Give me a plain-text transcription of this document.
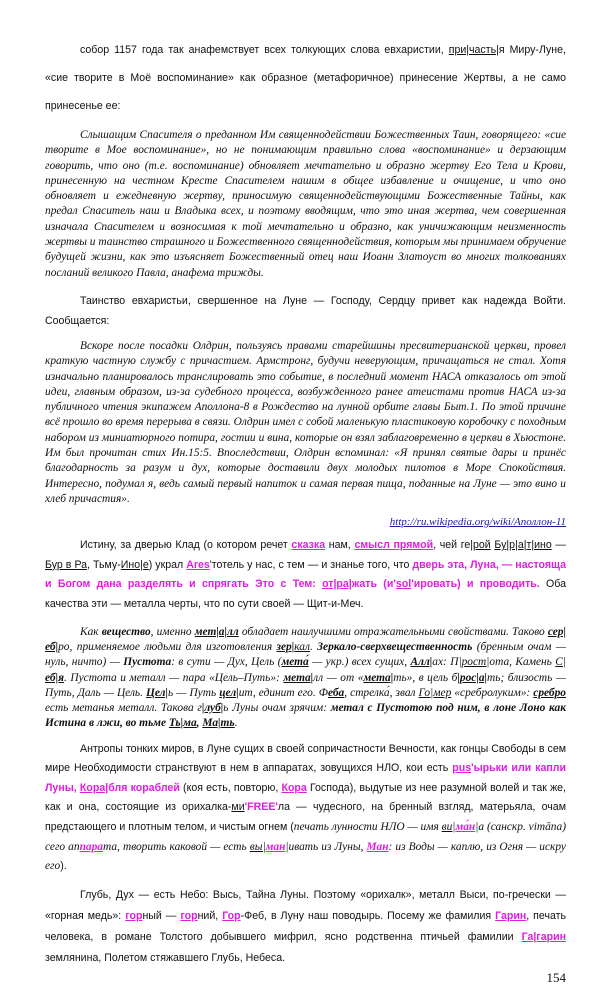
собор 1157 года так анафемствует всех толкующих слова евхаристии, при|часть|я Миру-Луне, «сие творите в Моё воспоминание» как образное (метафоричное) принесение Жертвы, а не само принесенье ее:

Слышащим Спасителя о преданном Им священнодействии Божественных Таин, говорящего: «сие творите в Мое воспоминание», но не понимающим правильно слова «воспоминание» и дерзающим говорить, что оно (т.е. воспоминание) обновляет мечтательно и образно жертву Его Тела и Крови, принесенную на честном Кресте Спасителем нашим в общее избавление и очищение, и что оно обновляет и ежедневную жертву, приносимую священнодействующими Божественные Тайны, как предал Спаситель наш и Владыка всех, и поэтому вводящим, что это иная жертва, чем совершенная изначала Спасителем и возносимая к той мечтательно и образно, как уничижающим неизменность жертвы и таинство страшного и Божественного священнодействия, которым мы принимаем обручение будущей жизни, как это изъясняет Божественный отец наш Иоанн Златоуст во многих толкованиях посланий великого Павла, анафема трижды.

Таинство евхаристьи, свершенное на Луне — Господу, Сердцу привет как надежда Войти. Сообщается:

Вскоре после посадки Олдрин, пользуясь правами старейшины пресвитерианской церкви, провел краткую частную службу с причастием. Армстронг, будучи неверующим, причащаться не стал. Хотя изначально планировалось транслировать это событие, в последний момент НАСА отказалось от этой идеи, главным образом, из-за судебного процесса, возбужденного ранее атеистами против НАСА из-за публичного чтения экипажем Аполлона-8 в Рождество на лунной орбите главы Быт.1. По этой причине всё прошло во время перерыва в связи. Олдрин имел с собой маленькую пластиковую коробочку с походным набором из миниатюрного потира, гостии и вина, которые он взял заблаговременно в церкви в Хьюстоне. Им был прочитан стих Ин.15:5. Впоследствии, Олдрин вспоминал: «Я принял святые дары и принёс благодарность за разум и дух, которые доставили двух молодых пилотов в Море Спокойствия. Интересно, подумал я, ведь самый первый напиток и самая первая пища, поданные на Луне — это вино и хлеб причастия».

http://ru.wikipedia.org/wiki/Аполлон-11

Истину, за дверью Клад (о котором речет сказка нам, смысл прямой, чей ге|рой Бу|р|а|т|ино — Бур в Ра, Тьму-Ино|е) украл Ares'тотель у нас, с тем — и знанье того, что дверь эта, Луна, — настояща и Богом дана разделять и спрягать Это с Тем: от|ра|жать (и'sol'ировать) и проводить. Оба качества эти — металла черты, что по сути своей — Щит-и-Меч.

Как вещество, именно мет|а|лл обладает наилучшими отражательными свойствами. Таково сер|еб|ро, применяемое людьми для изготовления зер|кал. Зеркало-сверхвещественность (бренным очам — нуль, ничто) — Пустота: в сути — Дух, Цель (мета́ — укр.) всех сущих, Алл|ах: П|рост|ота, Камень С|еб|я. Пустота и металл — пара «Цель–Путь»: мета|лл — от «мета|ть», в цель б|рос|а|ть; близость — Путь, Даль — Цель. Цел|ь — Путь цел|ит, единит его. Феба, стрелка́, звал Го|мер «сребролуким»: сребро есть метанья металл. Такова г|луб|ь Луны очам зрячим: метал с Пустотою под ним, в лоне Лоно как Истина в лжи, во тьме Ть|ма, Ма|ть.

Антропы тонких миров, в Луне сущих в своей сопричастности Вечности, как гонцы Свободы в сем мире Необходимости странствуют в нем в аппаратах, зовущихся НЛО, кои есть pus'ырьки или капли Луны, Кора|бля кораблей (коя есть, повторю, Кора Господа), выдутые из нее разумной волей и так же, как и она, состоящие из орихалка-ми'FREE'ла — чудесного, на бренный взгляд, матерьяла, очам предстающего и плотным телом, и чистым огнем (печать лунности НЛО — имя ви|ма́н|а (санскр. vimāna) сего аппарата, творить каковой — есть вы|ман|ивать из Луны, Ман: из Воды — каплю, из Огня — искру его).

Глубь, Дух — есть Небо: Высь, Тайна Луны. Поэтому «орихалк», металл Выси, по-гречески — «горная медь»: горный — горний, Гор-Феб, в Луну наш поводырь. Посему же фамилия Гарин, печать человека, в романе Толстого добывшего мифрил, ясно родственна птичьей фамилии Га|гарин землянина, Полетом стяжавшего Глубь, Небеса.

154
